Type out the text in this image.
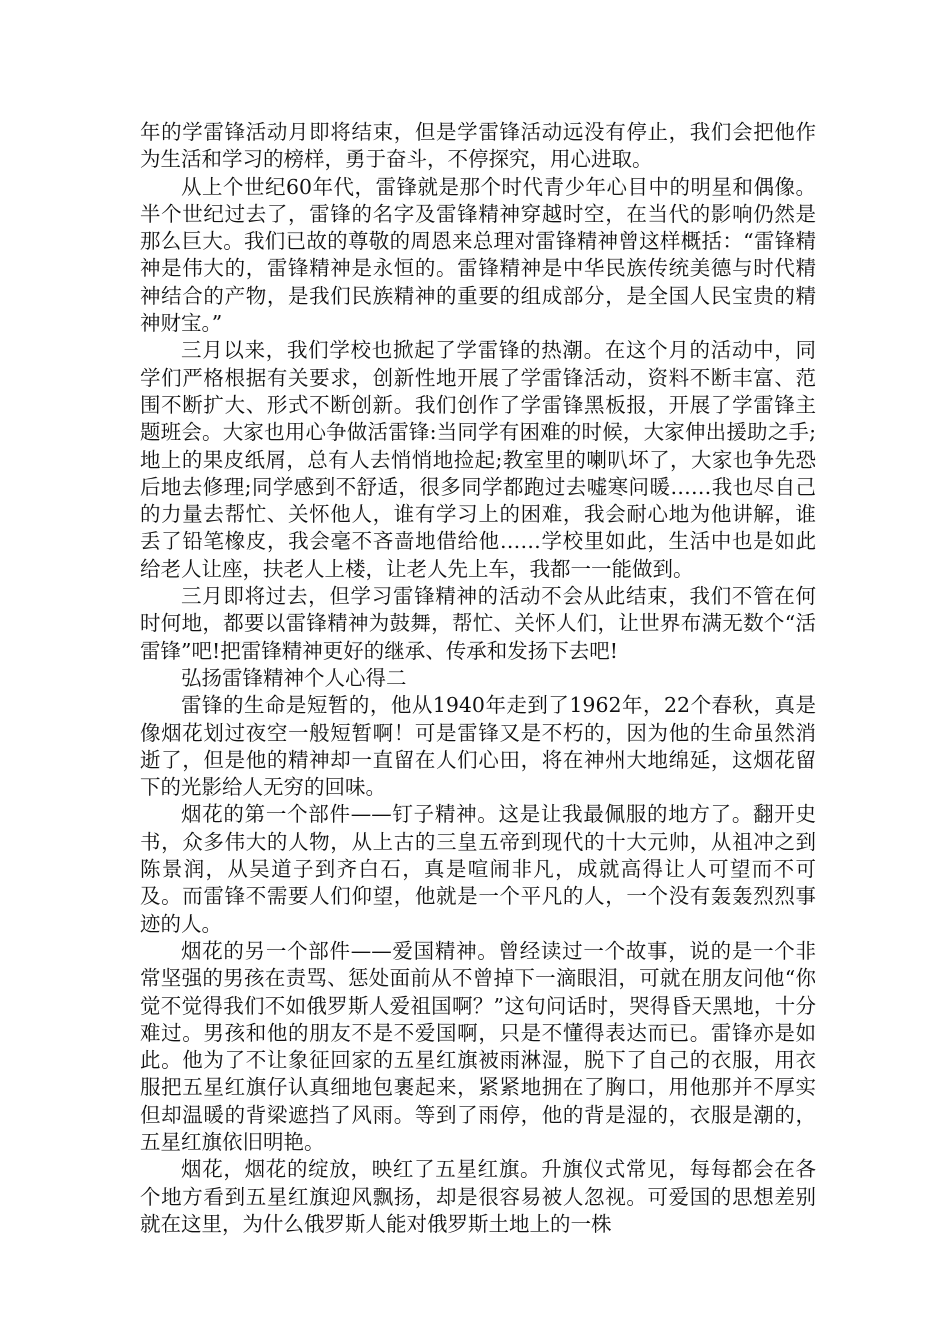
年的学雷锋活动月即将结束，但是学雷锋活动远没有停止，我们会把他作为生活和学习的榜样，勇于奋斗，不停探究，用心进取。

从上个世纪60年代，雷锋就是那个时代青少年心目中的明星和偶像。半个世纪过去了，雷锋的名字及雷锋精神穿越时空，在当代的影响仍然是那么巨大。我们已故的尊敬的周恩来总理对雷锋精神曾这样概括：“雷锋精神是伟大的，雷锋精神是永恒的。雷锋精神是中华民族传统美德与时代精神结合的产物，是我们民族精神的重要的组成部分，是全国人民宝贵的精神财宝。”

三月以来，我们学校也掀起了学雷锋的热潮。在这个月的活动中，同学们严格根据有关要求，创新性地开展了学雷锋活动，资料不断丰富、范围不断扩大、形式不断创新。我们创作了学雷锋黑板报，开展了学雷锋主题班会。大家也用心争做活雷锋:当同学有困难的时候，大家伸出援助之手;地上的果皮纸屑，总有人去悄悄地捡起;教室里的喇叭坏了，大家也争先恐后地去修理;同学感到不舒适，很多同学都跑过去嘘寒问暖……我也尽自己的力量去帮忙、关怀他人，谁有学习上的困难，我会耐心地为他讲解，谁丢了铅笔橡皮，我会毫不吝啬地借给他……学校里如此，生活中也是如此给老人让座，扶老人上楼，让老人先上车，我都一一能做到。

三月即将过去，但学习雷锋精神的活动不会从此结束，我们不管在何时何地，都要以雷锋精神为鼓舞，帮忙、关怀人们，让世界布满无数个“活雷锋”吧!把雷锋精神更好的继承、传承和发扬下去吧!

弘扬雷锋精神个人心得二

雷锋的生命是短暂的，他从1940年走到了1962年，22个春秋，真是像烟花划过夜空一般短暂啊！可是雷锋又是不朽的，因为他的生命虽然消逝了，但是他的精神却一直留在人们心田，将在神州大地绵延，这烟花留下的光影给人无穷的回味。

烟花的第一个部件——钉子精神。这是让我最佩服的地方了。翻开史书，众多伟大的人物，从上古的三皇五帝到现代的十大元帅，从祖冲之到陈景润，从吴道子到齐白石，真是喧闹非凡，成就高得让人可望而不可及。而雷锋不需要人们仰望，他就是一个平凡的人，一个没有轰轰烈烈事迹的人。

烟花的另一个部件——爱国精神。曾经读过一个故事，说的是一个非常坚强的男孩在责骂、惩处面前从不曾掉下一滴眼泪，可就在朋友问他“你觉不觉得我们不如俄罗斯人爱祖国啊？”这句问话时，哭得昏天黑地，十分难过。男孩和他的朋友不是不爱国啊，只是不懂得表达而已。雷锋亦是如此。他为了不让象征回家的五星红旗被雨淋湿，脱下了自己的衣服，用衣服把五星红旗仔认真细地包裹起来，紧紧地拥在了胸口，用他那并不厚实但却温暖的背梁遮挡了风雨。等到了雨停，他的背是湿的，衣服是潮的，五星红旗依旧明艳。

烟花，烟花的绽放，映红了五星红旗。升旗仪式常见，每每都会在各个地方看到五星红旗迎风飘扬，却是很容易被人忽视。可爱国的思想差别就在这里，为什么俄罗斯人能对俄罗斯土地上的一株
